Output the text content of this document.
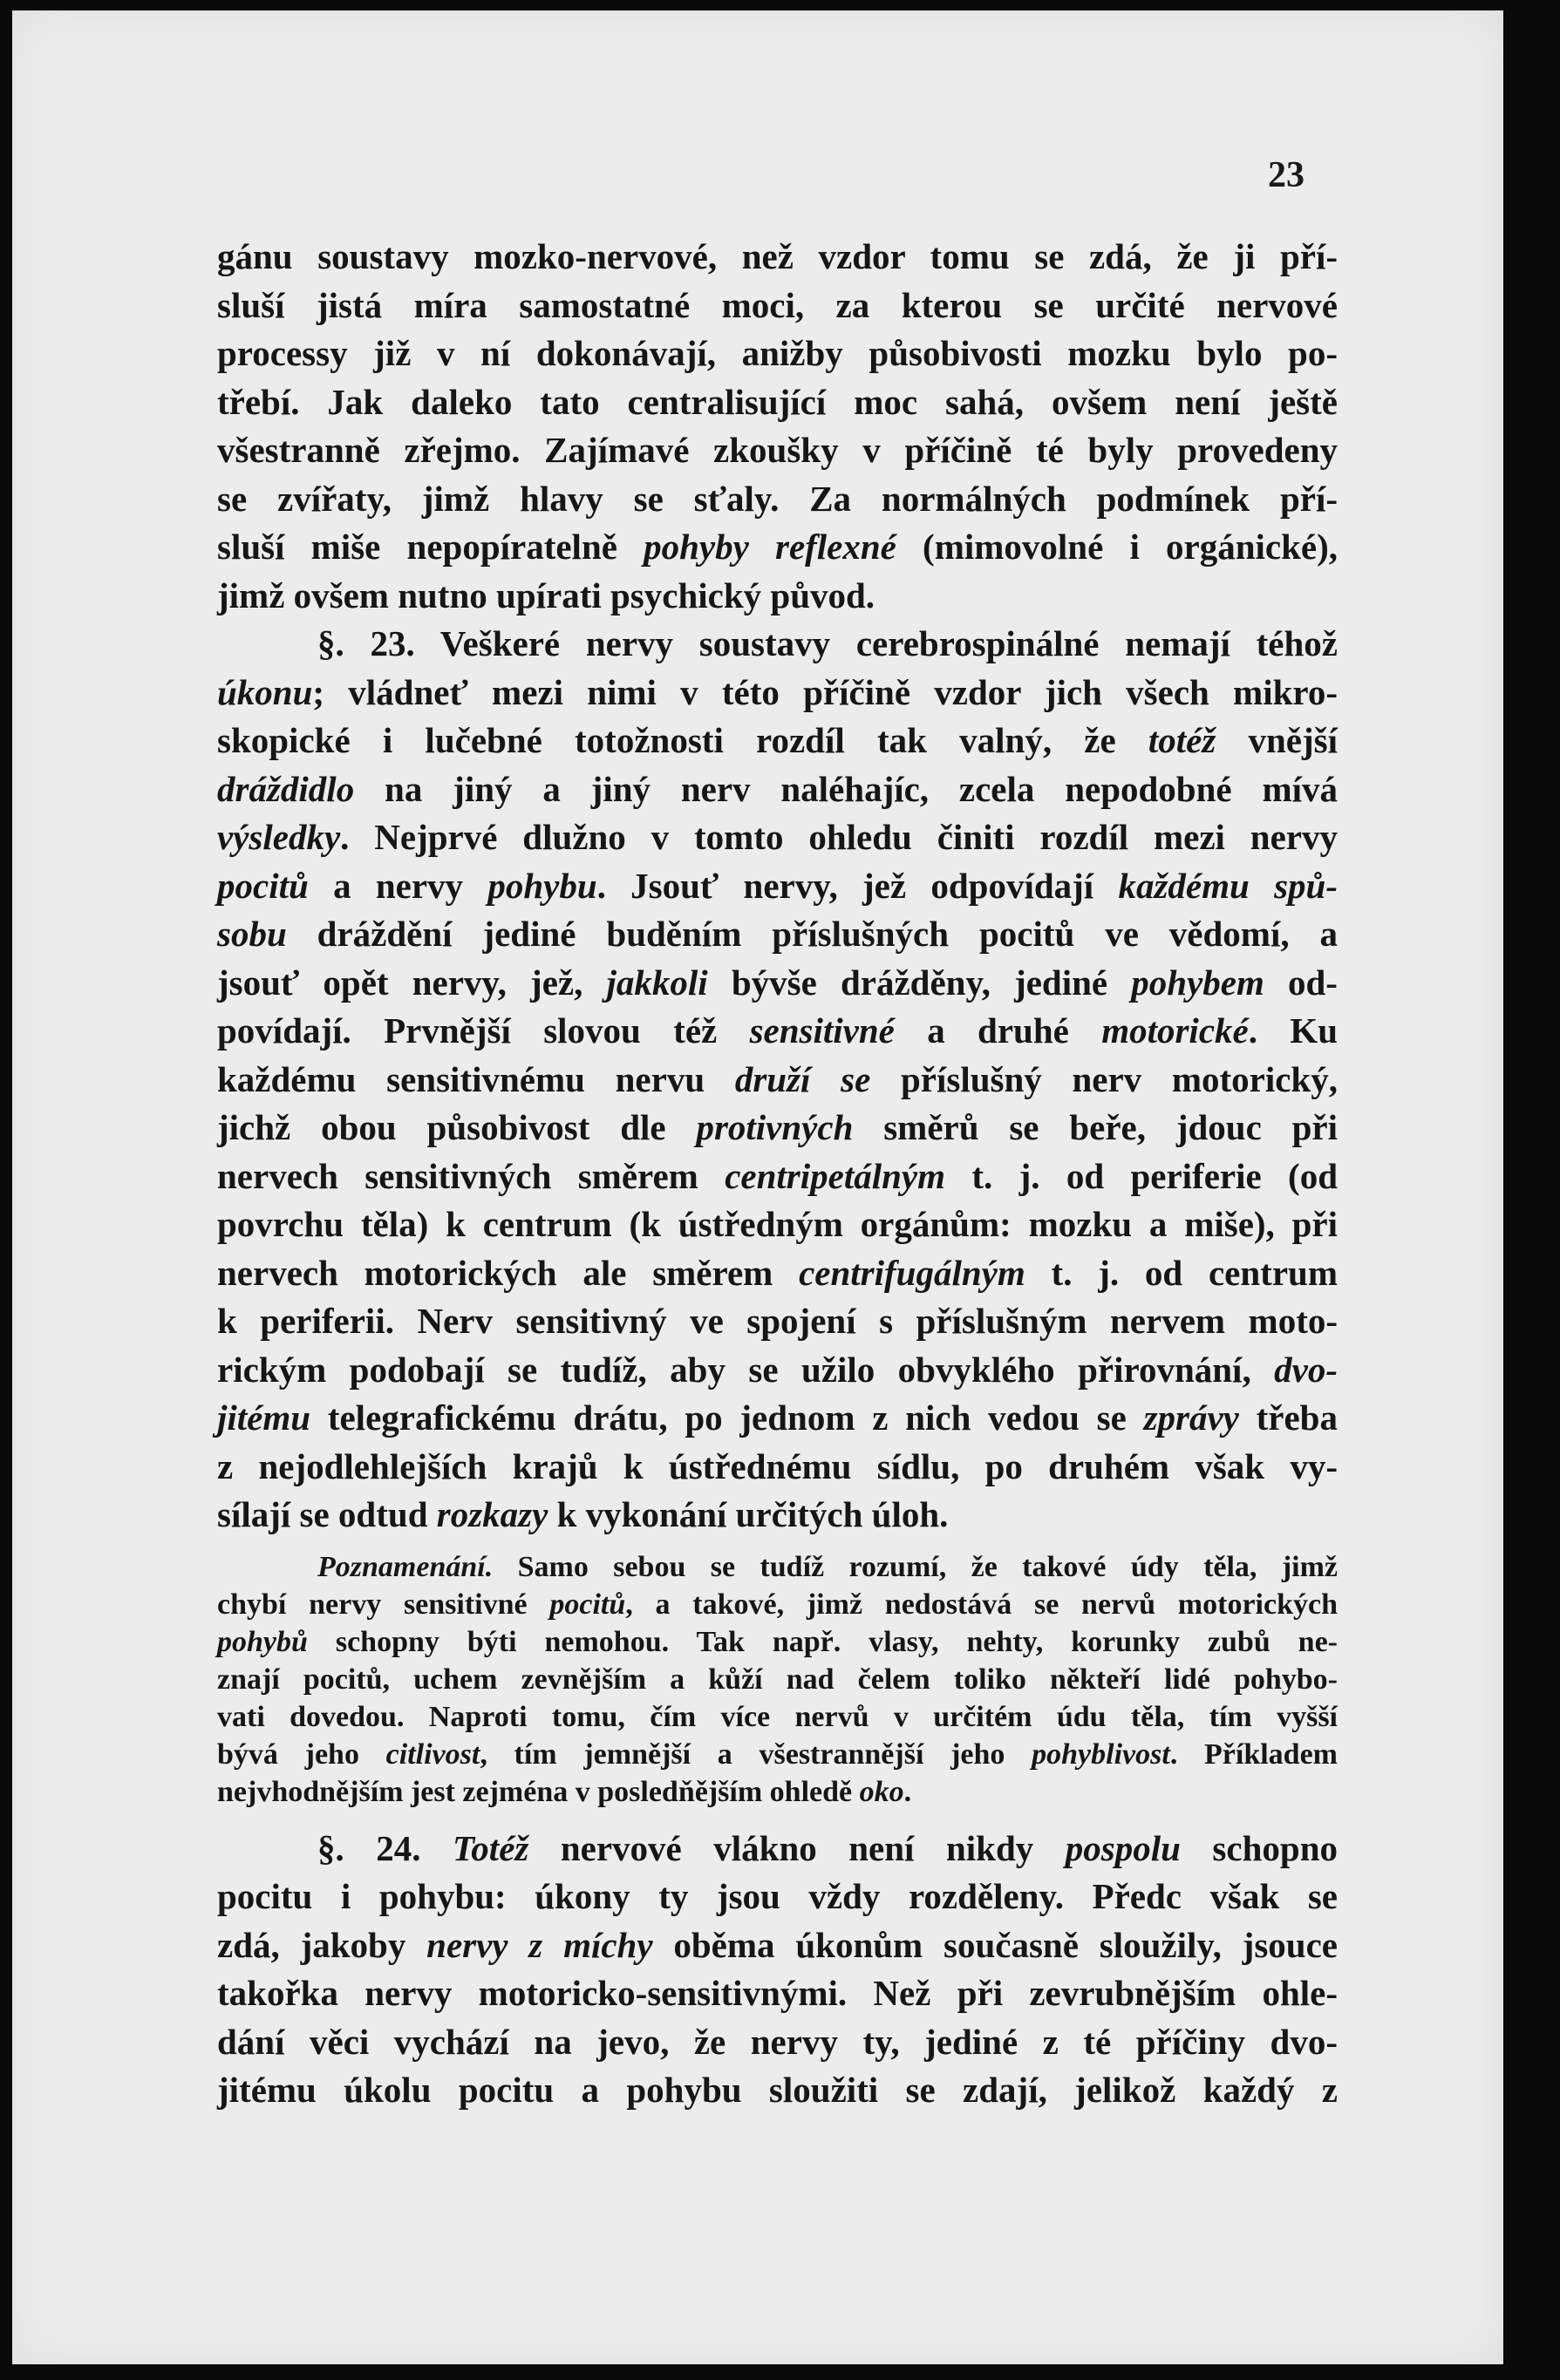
23
gánu soustavy mozko-nervové, než vzdor tomu se zdá, že ji pří-
sluší jistá míra samostatné moci, za kterou se určité nervové
processy již v ní dokonávají, anižby působivosti mozku bylo po-
třebí. Jak daleko tato centralisující moc sahá, ovšem není ještě
všestranně zřejmo. Zajímavé zkoušky v příčině té byly provedeny
se zvířaty, jimž hlavy se sťaly. Za normálných podmínek pří-
sluší miše nepopíratelně pohyby reflexné (mimovolné i orgánické),
jimž ovšem nutno upírati psychický původ.
§. 23. Veškeré nervy soustavy cerebrospinálné nemají téhož
úkonu; vládneť mezi nimi v této příčině vzdor jich všech mikro-
skopické i lučebné totožnosti rozdíl tak valný, že totéž vnější
dráždidlo na jiný a jiný nerv naléhajíc, zcela nepodobné mívá
výsledky. Nejprvé dlužno v tomto ohledu činiti rozdíl mezi nervy
pocitů a nervy pohybu. Jsouť nervy, jež odpovídají každému spů-
sobu dráždění jediné buděním příslušných pocitů ve vědomí, a
jsouť opět nervy, jež, jakkoli bývše drážděny, jediné pohybem od-
povídají. Prvnější slovou též sensitivné a druhé motorické. Ku
každému sensitivnému nervu druží se příslušný nerv motorický,
jichž obou působivost dle protivných směrů se beře, jdouc při
nervech sensitivných směrem centripetálným t. j. od periferie (od
povrchu těla) k centrum (k ústředným orgánům: mozku a miše), při
nervech motorických ale směrem centrifugálným t. j. od centrum
k periferii. Nerv sensitivný ve spojení s příslušným nervem moto-
rickým podobají se tudíž, aby se užilo obvyklého přirovnání, dvo-
jitému telegrafickému drátu, po jednom z nich vedou se zprávy třeba
z nejodlehlejších krajů k ústřednému sídlu, po druhém však vy-
sílají se odtud rozkazy k vykonání určitých úloh.
Poznamenání. Samo sebou se tudíž rozumí, že takové údy těla, jimž
chybí nervy sensitivné pocitů, a takové, jimž nedostává se nervů motorických
pohybů schopny býti nemohou. Tak např. vlasy, nehty, korunky zubů ne-
znají pocitů, uchem zevnějším a kůží nad čelem toliko někteří lidé pohybo-
vati dovedou. Naproti tomu, čím více nervů v určitém údu těla, tím vyšší
bývá jeho citlivost, tím jemnější a všestrannější jeho pohyblivost. Příkladem
nejvhodnějším jest zejména v posledňějším ohledě oko.
§. 24. Totéž nervové vlákno není nikdy pospolu schopno
pocitu i pohybu: úkony ty jsou vždy rozděleny. Předc však se
zdá, jakoby nervy z míchy oběma úkonům současně sloužily, jsouce
takořka nervy motoricko-sensitivnými. Než při zevrubnějším ohle-
dání věci vychází na jevo, že nervy ty, jediné z té příčiny dvo-
jitému úkolu pocitu a pohybu sloužiti se zdají, jelikož každý z
